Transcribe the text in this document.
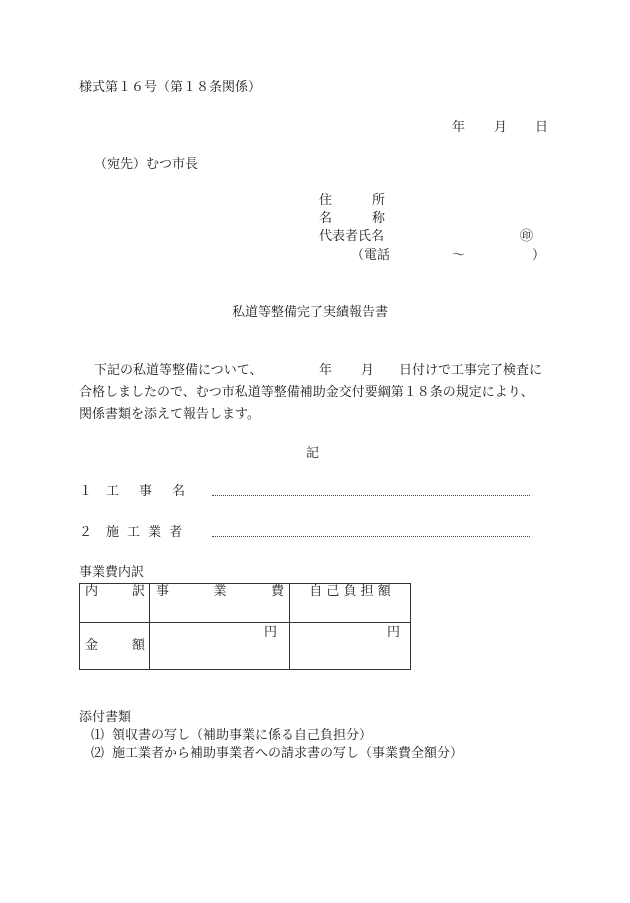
様式第１６号（第１８条関係）
年 月 日
（宛先）むつ市長
住	所
名	称
代表者氏名	㊞
（電話	〜	）
私道等整備完了実績報告書
下記の私道等整備について、	年 月 日付けで工事完了検査に
合格しましたので、むつ市私道等整備補助金交付要綱第１８条の規定により、
関係書類を添えて報告します。
記
１ 工 事 名
２ 施 工 業 者
事業費内訳
内 訳	事 業 費	自 己 負 担 額

金 額	円	円
添付書類
⑴ 領収書の写し（補助事業に係る自己負担分）
⑵ 施工業者から補助事業者への請求書の写し（事業費全額分）
